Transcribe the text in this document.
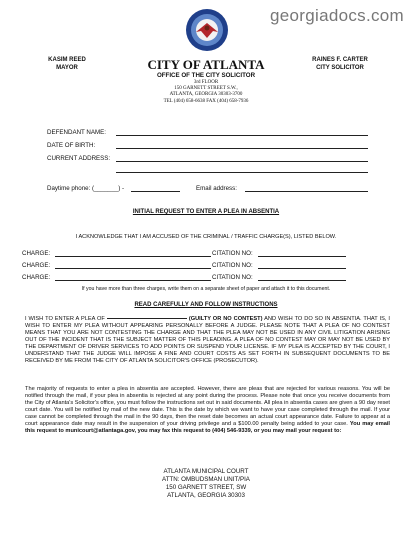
georgiadocs.com
KASIM REED
MAYOR
RAINES F. CARTER
CITY SOLICITOR
CITY OF ATLANTA
OFFICE OF THE CITY SOLICITOR
3rd FLOOR
150 GARNETT STREET S.W.,
ATLANTA, GEORGIA 30303-3700
TEL (404) 658-6638 FAX (404) 658-7936
DEFENDANT NAME:
DATE OF BIRTH:
CURRENT ADDRESS:
Daytime phone: (_______) -	Email address:
INITIAL REQUEST TO ENTER A PLEA IN ABSENTIA
I ACKNOWLEDGE THAT I AM ACCUSED OF THE CRIMINAL / TRAFFIC CHARGE(S), LISTED BELOW.
CHARGE:	CITATION NO:
CHARGE:	CITATION NO:
CHARGE:	CITATION NO:
If you have more than three charges, write them on a separate sheet of paper and attach it to this document.
READ CAREFULLY AND FOLLOW INSTRUCTIONS
I WISH TO ENTER A PLEA OF	(GUILTY OR NO CONTEST) AND WISH TO DO SO IN ABSENTIA. THAT IS, I WISH TO ENTER MY PLEA WITHOUT APPEARING PERSONALLY BEFORE A JUDGE. PLEASE NOTE THAT A PLEA OF NO CONTEST MEANS THAT YOU ARE NOT CONTESTING THE CHARGE AND THAT THE PLEA MAY NOT BE USED IN ANY CIVIL LITIGATION ARISING OUT OF THE INCIDENT THAT IS THE SUBJECT MATTER OF THIS PLEADING. A PLEA OF NO CONTEST MAY OR MAY NOT BE USED BY THE DEPARTMENT OF DRIVER SERVICES TO ADD POINTS OR SUSPEND YOUR LICENSE. IF MY PLEA IS ACCEPTED BY THE COURT, I UNDERSTAND THAT THE JUDGE WILL IMPOSE A FINE AND COURT COSTS AS SET FORTH IN SUBSEQUENT DOCUMENTS TO BE RECEIVED BY ME FROM THE CITY OF ATLANTA SOLICITOR'S OFFICE (PROSECUTOR).
The majority of requests to enter a plea in absentia are accepted. However, there are pleas that are rejected for various reasons. You will be notified through the mail, if your plea in absentia is rejected at any point during the process. Please note that once you receive documents from the City of Atlanta's Solicitor's office, you must follow the instructions set out in said documents. All plea in absentia cases are given a 90 day reset court date. You will be notified by mail of the new date. This is the date by which we want to have your case completed through the mail. If your case cannot be completed through the mail in the 90 days, then the reset date becomes an actual court appearance date. Failure to appear at a court appearance date may result in the suspension of your driving privilege and a $100.00 penalty being added to your case. You may email this request to municourt@atlantaga.gov, you may fax this request to (404) 546-9339, or you may mail your request to:
ATLANTA MUNICIPAL COURT
ATTN: OMBUDSMAN UNIT/PIA
150 GARNETT STREET, SW
ATLANTA, GEORGIA 30303
